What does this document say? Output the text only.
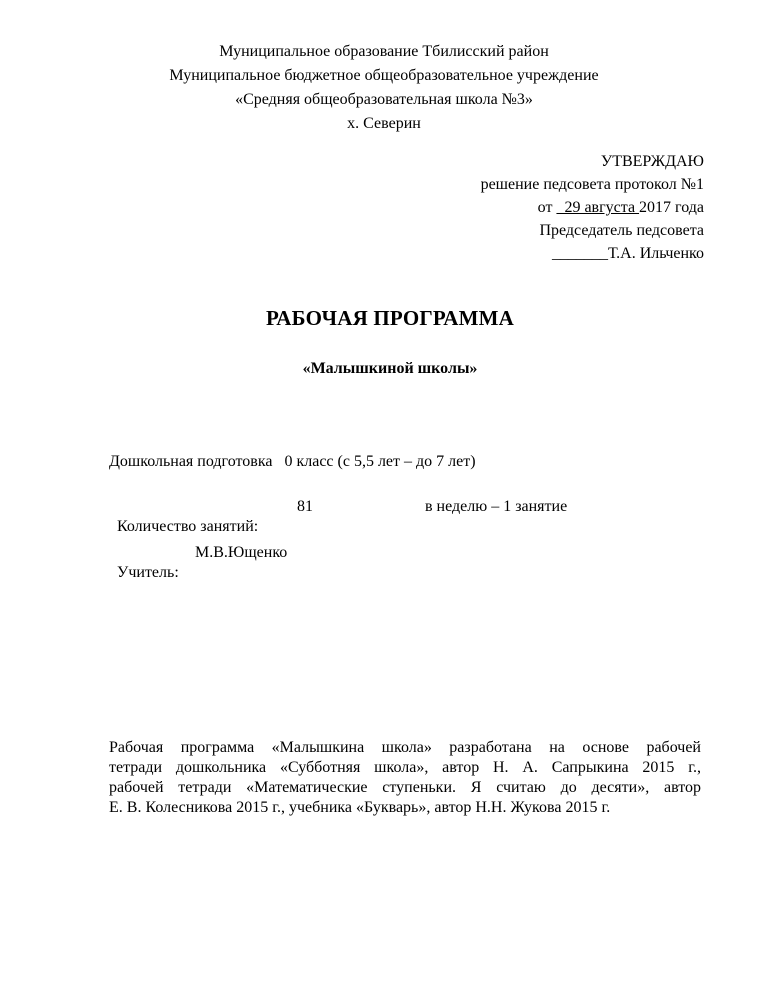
Муниципальное образование Тбилисский район
Муниципальное бюджетное общеобразовательное учреждение
«Средняя общеобразовательная школа №3»
х. Северин
УТВЕРЖДАЮ
решение педсовета протокол №1
от   29 августа 2017 года
Председатель педсовета
_______Т.А. Ильченко
РАБОЧАЯ ПРОГРАММА
«Малышкиной школы»
Дошкольная подготовка   0 класс (с 5,5 лет – до 7 лет)

Количество занятий:

81

	в неделю – 1 занятие

Учитель:

М.В.Ющенко

Рабочая программа «Малышкина школа» разработана на основе рабочей
тетради дошкольника «Субботняя школа», автор Н. А. Сапрыкина 2015 г.,
рабочей тетради «Математические ступеньки. Я считаю до десяти», автор
Е. В. Колесникова 2015 г., учебника «Букварь», автор Н.Н. Жукова 2015 г.
